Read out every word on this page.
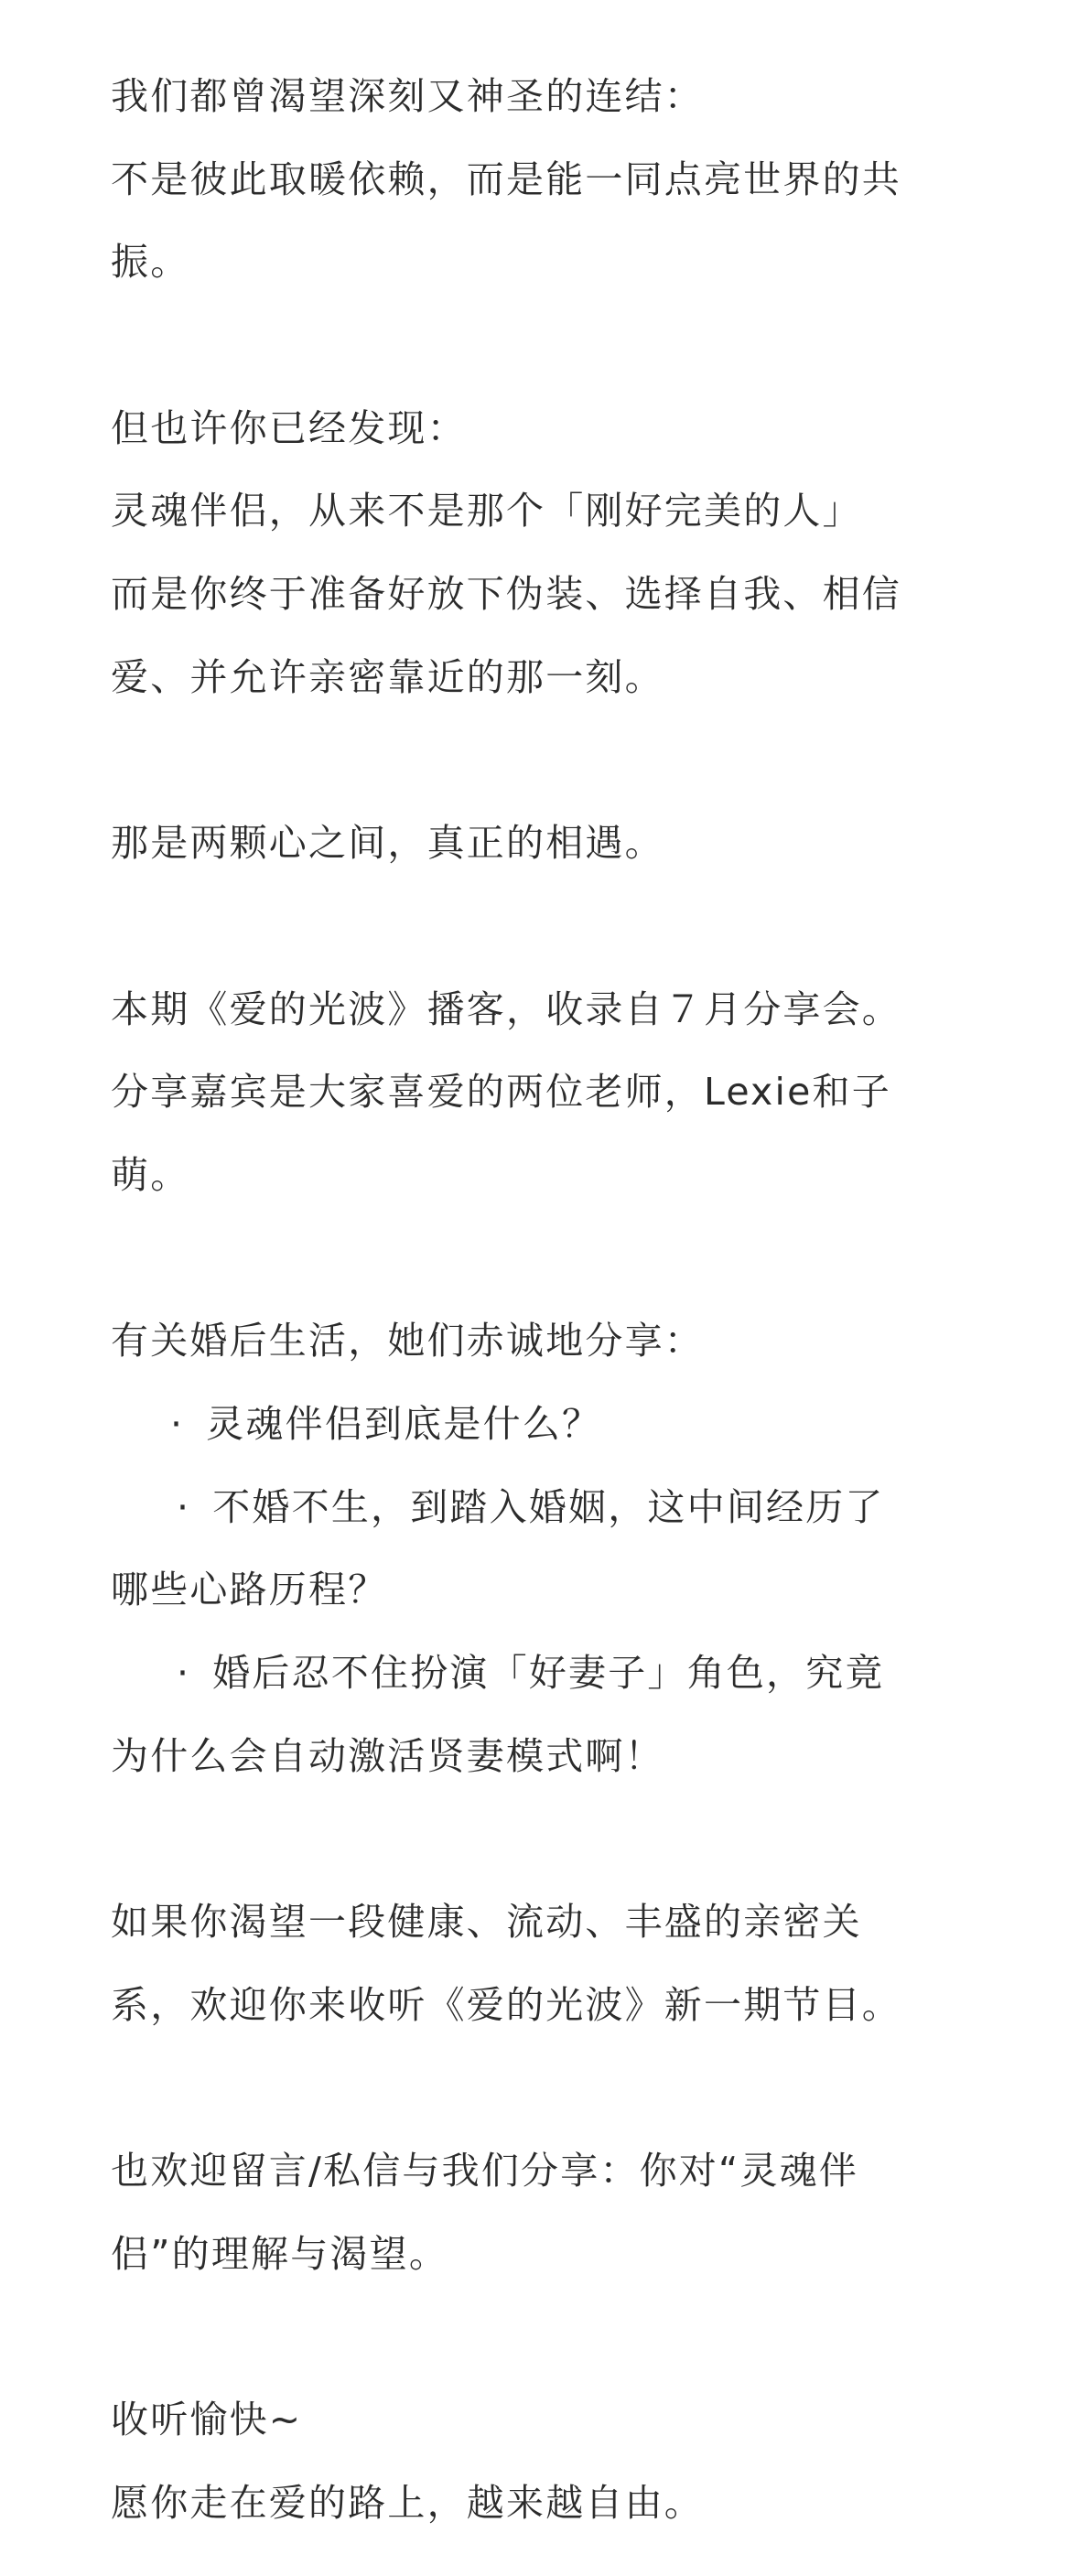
我们都曾渴望深刻又神圣的连结：
不是彼此取暖依赖，而是能一同点亮世界的共
振。
但也许你已经发现：
灵魂伴侣，从来不是那个「刚好完美的人」
而是你终于准备好放下伪装、选择自我、相信
爱、并允许亲密靠近的那一刻。
那是两颗心之间，真正的相遇。
本期《爱的光波》播客，收录自７月分享会。
分享嘉宾是大家喜爱的两位老师，Lexie和子
萌。
有关婚后生活，她们赤诚地分享：
· 灵魂伴侣到底是什么？
· 不婚不生，到踏入婚姻，这中间经历了
哪些心路历程？
· 婚后忍不住扮演「好妻子」角色，究竟
为什么会自动激活贤妻模式啊！
如果你渴望一段健康、流动、丰盛的亲密关
系，欢迎你来收听《爱的光波》新一期节目。
也欢迎留言/私信与我们分享：你对“灵魂伴
侣”的理解与渴望。
收听愉快~
愿你走在爱的路上，越来越自由。
